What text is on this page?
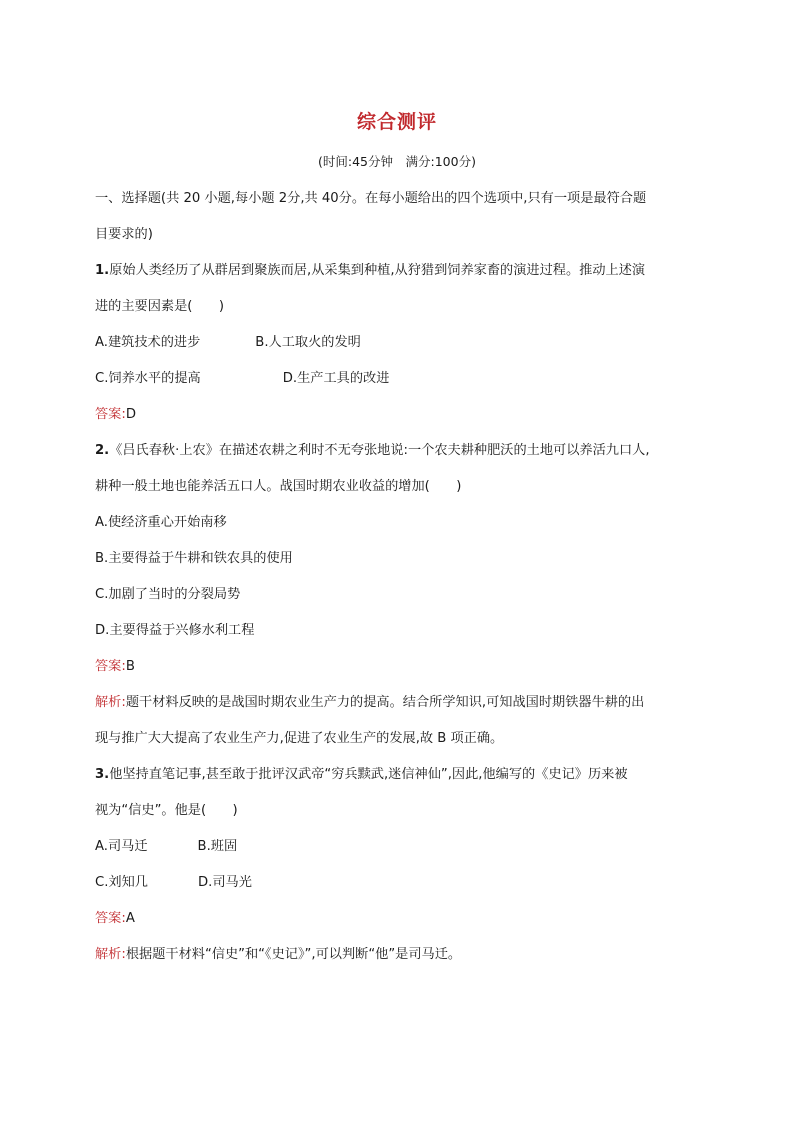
综合测评
(时间:45分钟　满分:100分)
一、选择题(共 20 小题,每小题 2分,共 40分。在每小题给出的四个选项中,只有一项是最符合题
目要求的)
1.原始人类经历了从群居到聚族而居,从采集到种植,从狩猎到饲养家畜的演进过程。推动上述演
进的主要因素是(　　)
A.建筑技术的进步	B.人工取火的发明
C.饲养水平的提高	D.生产工具的改进
答案:D
2.《吕氏春秋·上农》在描述农耕之利时不无夸张地说:一个农夫耕种肥沃的土地可以养活九口人,
耕种一般土地也能养活五口人。战国时期农业收益的增加(　　)
A.使经济重心开始南移
B.主要得益于牛耕和铁农具的使用
C.加剧了当时的分裂局势
D.主要得益于兴修水利工程
答案:B
解析:题干材料反映的是战国时期农业生产力的提高。结合所学知识,可知战国时期铁器牛耕的出
现与推广大大提高了农业生产力,促进了农业生产的发展,故 B 项正确。
3.他坚持直笔记事,甚至敢于批评汉武帝“穷兵黩武,迷信神仙”,因此,他编写的《史记》历来被
视为“信史”。他是(　　)
A.司马迁	B.班固
C.刘知几	D.司马光
答案:A
解析:根据题干材料“信史”和“《史记》”,可以判断“他”是司马迁。
